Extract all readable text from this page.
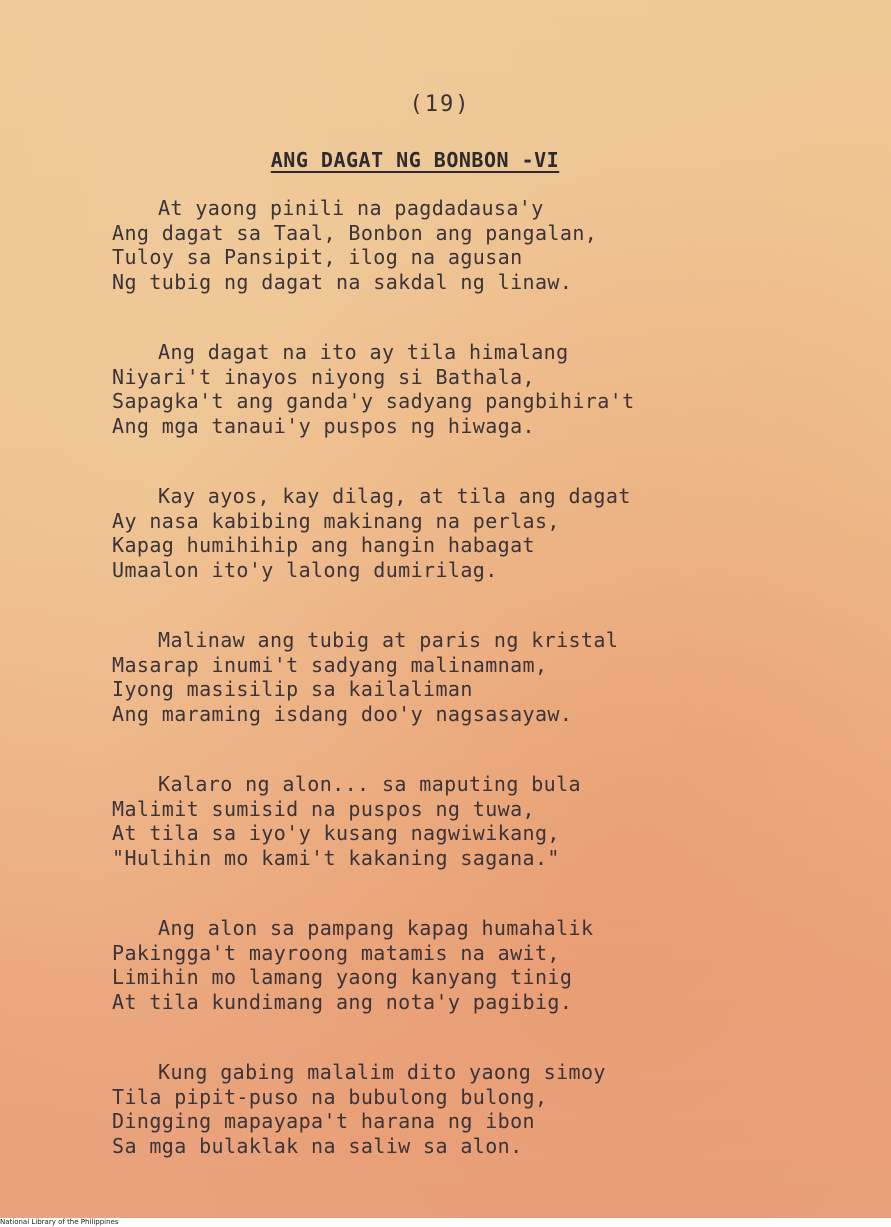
(19)
ANG DAGAT NG BONBON -VI
At yaong pinili na pagdadausa'y
Ang dagat sa Taal, Bonbon ang pangalan,
Tuloy sa Pansipit, ilog na agusan
Ng tubig ng dagat na sakdal ng linaw.
Ang dagat na ito ay tila himalang
Niyari't inayos niyong si Bathala,
Sapagka't ang ganda'y sadyang pangbihira't
Ang mga tanaui'y puspos ng hiwaga.
Kay ayos, kay dilag, at tila ang dagat
Ay nasa kabibing makinang na perlas,
Kapag humihihip ang hangin habagat
Umaalon ito'y lalong dumirilag.
Malinaw ang tubig at paris ng kristal
Masarap inumi't sadyang malinamnam,
Iyong masisilip sa kailaliman
Ang maraming isdang doo'y nagsasayaw.
Kalaro ng alon... sa maputing bula
Malimit sumisid na puspos ng tuwa,
At tila sa iyo'y kusang nagwiwikang,
"Hulihin mo kami't kakaning sagana."
Ang alon sa pampang kapag humahalik
Pakingga't mayroong matamis na awit,
Limihin mo lamang yaong kanyang tinig
At tila kundimang ang nota'y pagibig.
Kung gabing malalim dito yaong simoy
Tila pipit-puso na bubulong bulong,
Dingging mapayapa't harana ng ibon
Sa mga bulaklak na saliw sa alon.
National Library of the Philippines
